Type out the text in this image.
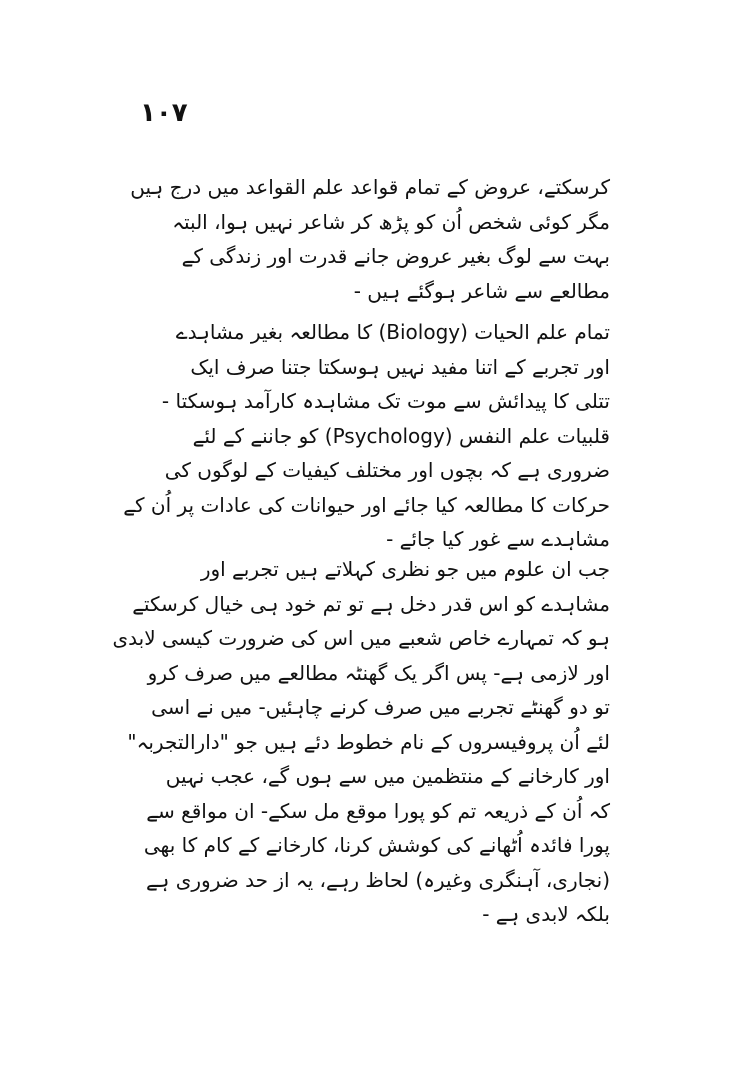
۱۰۷
کرسکتے، عروض کے تمام قواعد علم القواعد میں درج ہیں
مگر کوئی شخص اُن کو پڑھ کر شاعر نہیں ہوا، البتہ
بہت سے لوگ بغیر عروض جانے قدرت اور زندگی کے
مطالعے سے شاعر ہوگئے ہیں -
تمام علم الحیات (Biology) کا مطالعہ بغیر مشاہدے
اور تجربے کے اتنا مفید نہیں ہوسکتا جتنا صرف ایک
تتلی کا پیدائش سے موت تک مشاہدہ کارآمد ہوسکتا -
قلبیات علم النفس (Psychology) کو جاننے کے لئے
ضروری ہے کہ بچوں اور مختلف کیفیات کے لوگوں کی
حرکات کا مطالعہ کیا جائے اور حیوانات کی عادات پر اُن کے
مشاہدے سے غور کیا جائے -
جب ان علوم میں جو نظری کہلاتے ہیں تجربے اور
مشاہدے کو اس قدر دخل ہے تو تم خود ہی خیال کرسکتے
ہو کہ تمہارے خاص شعبے میں اس کی ضرورت کیسی لابدی
اور لازمی ہے- پس اگر یک گھنٹہ مطالعے میں صرف کرو
تو دو گھنٹے تجربے میں صرف کرنے چاہئیں- میں نے اسی
لئے اُن پروفیسروں کے نام خطوط دئے ہیں جو "دارالتجربہ"
اور کارخانے کے منتظمین میں سے ہوں گے، عجب نہیں
کہ اُن کے ذریعہ تم کو پورا موقع مل سکے- ان مواقع سے
پورا فائدہ اُٹھانے کی کوشش کرنا، کارخانے کے کام کا بھی
(نجاری، آہنگری وغیرہ) لحاظ رہے، یہ از حد ضروری ہے
بلکہ لابدی ہے -
